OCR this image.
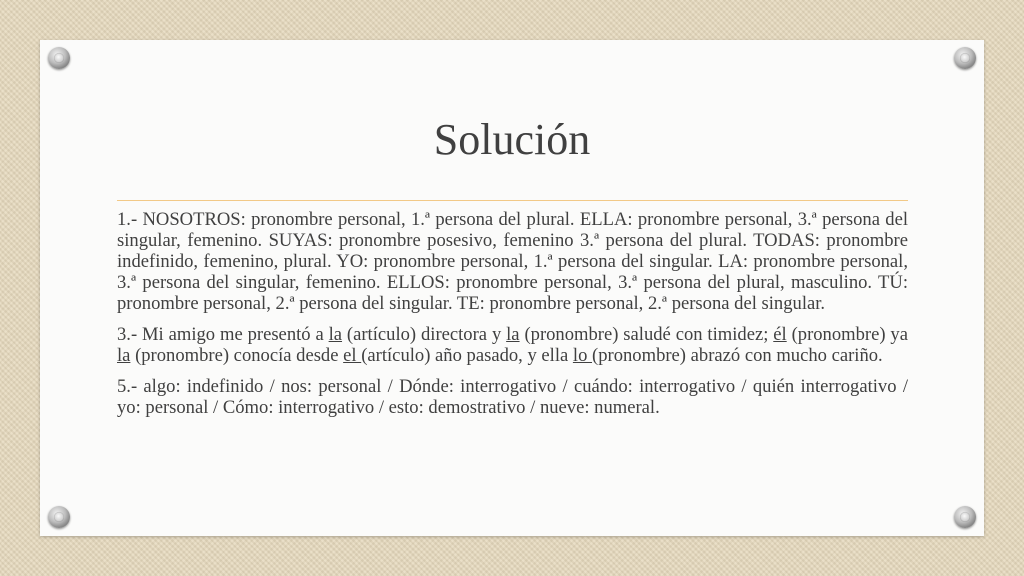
Solución

1.- NOSOTROS: pronombre personal, 1.ª persona del plural. ELLA: pronombre personal, 3.ª persona del singular, femenino. SUYAS: pronombre posesivo, femenino 3.ª persona del plural. TODAS: pronombre indefinido, femenino, plural. YO: pronombre personal, 1.ª persona del singular. LA: pronombre personal, 3.ª persona del singular, femenino. ELLOS: pronombre personal, 3.ª persona del plural, masculino. TÚ: pronombre personal, 2.ª persona del singular. TE: pronombre personal, 2.ª persona del singular.

3.- Mi amigo me presentó a la (artículo) directora y la (pronombre) saludé con timidez; él (pronombre) ya la (pronombre) conocía desde el (artículo) año pasado, y ella lo (pronombre) abrazó con mucho cariño.

5.- algo: indefinido / nos: personal / Dónde: interrogativo / cuándo: interrogativo / quién interrogativo / yo: personal / Cómo: interrogativo / esto: demostrativo / nueve: numeral.
